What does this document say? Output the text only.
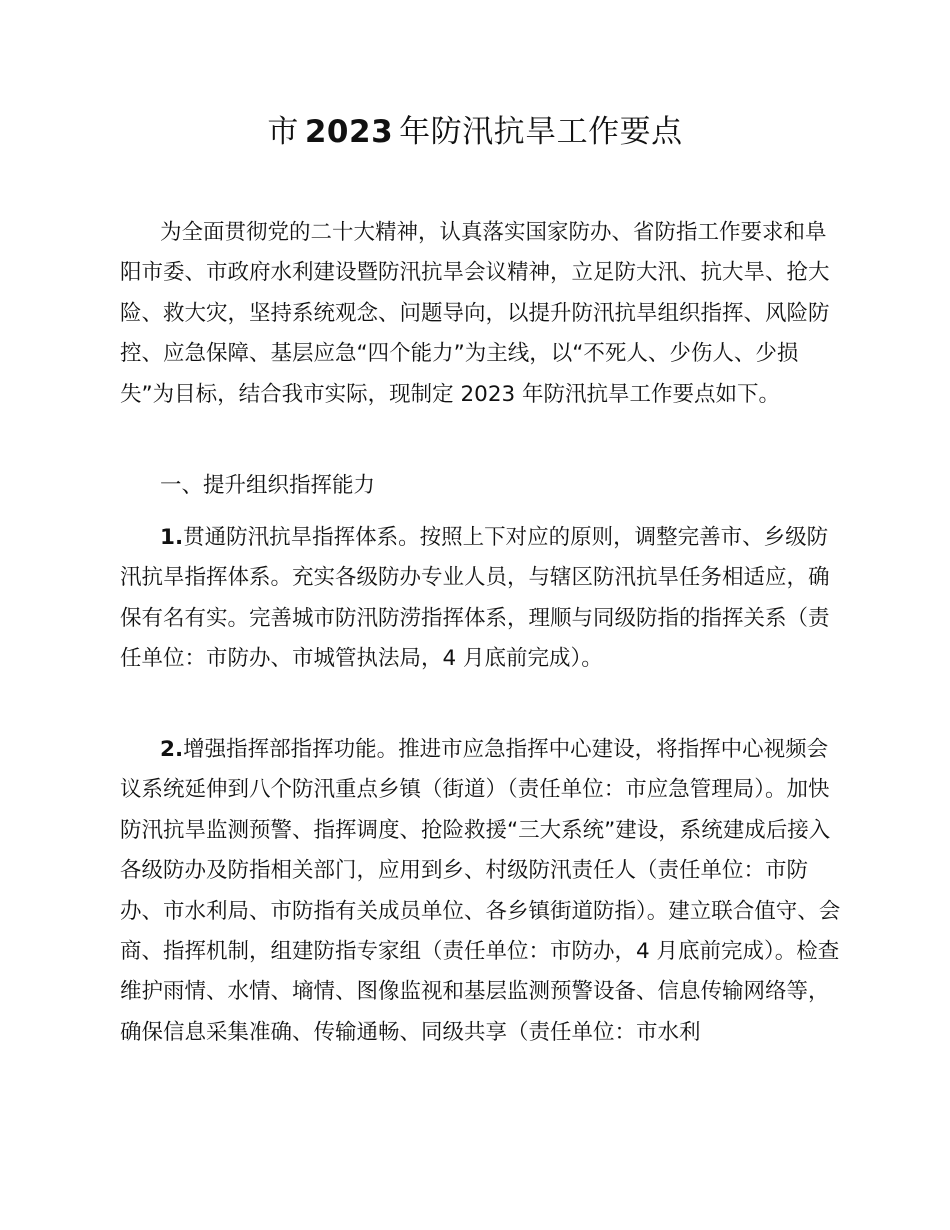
市 2023 年防汛抗旱工作要点

为全面贯彻党的二十大精神，认真落实国家防办、省防指工作要求和阜阳市委、市政府水利建设暨防汛抗旱会议精神，立足防大汛、抗大旱、抢大险、救大灾，坚持系统观念、问题导向，以提升防汛抗旱组织指挥、风险防控、应急保障、基层应急“四个能力”为主线，以“不死人、少伤人、少损失”为目标，结合我市实际，现制定 2023 年防汛抗旱工作要点如下。

一、提升组织指挥能力

1.贯通防汛抗旱指挥体系。按照上下对应的原则，调整完善市、乡级防汛抗旱指挥体系。充实各级防办专业人员，与辖区防汛抗旱任务相适应，确保有名有实。完善城市防汛防涝指挥体系，理顺与同级防指的指挥关系（责任单位：市防办、市城管执法局，4 月底前完成）。

2.增强指挥部指挥功能。推进市应急指挥中心建设，将指挥中心视频会议系统延伸到八个防汛重点乡镇（街道）（责任单位：市应急管理局）。加快防汛抗旱监测预警、指挥调度、抢险救援“三大系统”建设，系统建成后接入各级防办及防指相关部门，应用到乡、村级防汛责任人（责任单位：市防办、市水利局、市防指有关成员单位、各乡镇街道防指）。建立联合值守、会商、指挥机制，组建防指专家组（责任单位：市防办，4 月底前完成）。检查维护雨情、水情、墒情、图像监视和基层监测预警设备、信息传输网络等，确保信息采集准确、传输通畅、同级共享（责任单位：市水利
